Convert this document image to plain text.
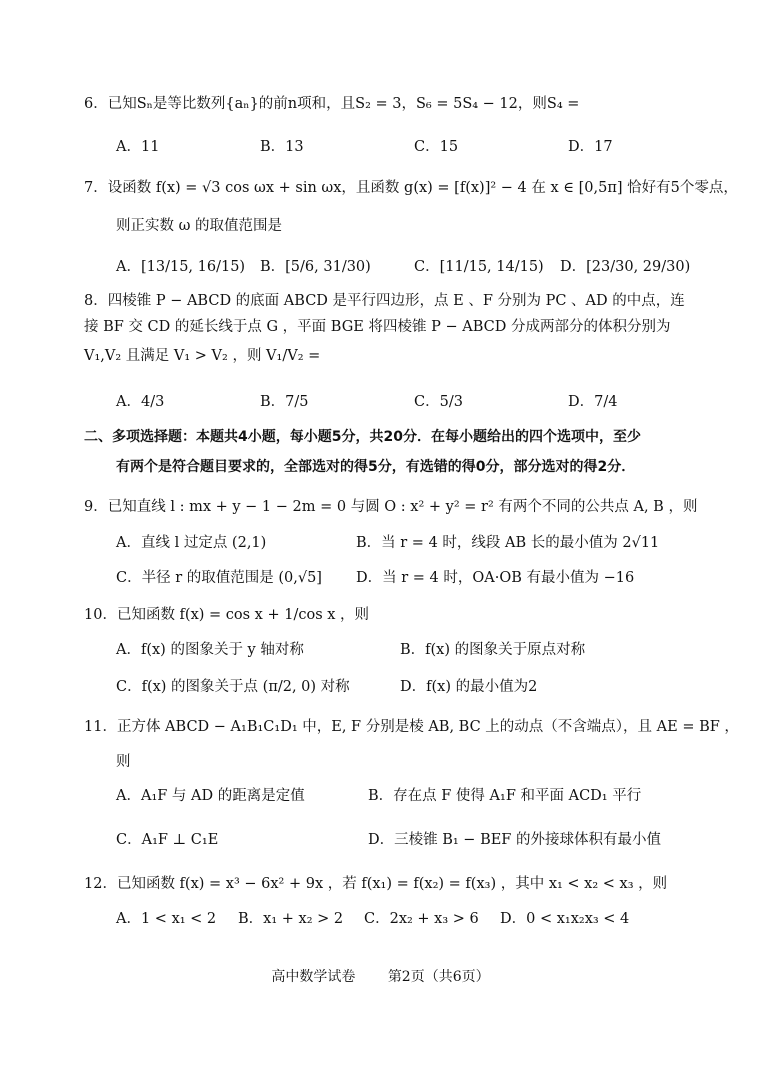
6．已知Sₙ是等比数列{aₙ}的前n项和，且S₂ = 3，S₆ = 5S₄ − 12，则S₄ =
A．11	B．13	C．15	D．17
7．设函数 f(x) = √3 cos ωx + sin ωx，且函数 g(x) = [f(x)]² − 4 在 x ∈ [0,5π] 恰好有5个零点，
则正实数 ω 的取值范围是
A．[13/15, 16/15) B．[5/6, 31/30)	C．[11/15, 14/15) D．[23/30, 29/30)
8．四棱锥 P − ABCD 的底面 ABCD 是平行四边形，点 E 、F 分别为 PC 、AD 的中点，连
接 BF 交 CD 的延长线于点 G ，平面 BGE 将四棱锥 P − ABCD 分成两部分的体积分别为
V₁,V₂ 且满足 V₁ > V₂ ，则 V₁/V₂ =
A．4/3	B．7/5	C．5/3	D．7/4
二、多项选择题：本题共4小题，每小题5分，共20分．在每小题给出的四个选项中，至少
有两个是符合题目要求的，全部选对的得5分，有选错的得0分，部分选对的得2分．
9．已知直线 l : mx + y − 1 − 2m = 0 与圆 O : x² + y² = r² 有两个不同的公共点 A, B ，则
A．直线 l 过定点 (2,1)	B．当 r = 4 时，线段 AB 长的最小值为 2√11
C．半径 r 的取值范围是 (0,√5] D．当 r = 4 时，OA·OB 有最小值为 −16
10．已知函数 f(x) = cos x + 1/cos x ，则
A．f(x) 的图象关于 y 轴对称	B．f(x) 的图象关于原点对称
C．f(x) 的图象关于点 (π/2, 0) 对称	D．f(x) 的最小值为2
11．正方体 ABCD − A₁B₁C₁D₁ 中，E, F 分别是棱 AB, BC 上的动点（不含端点），且 AE = BF ，
则
A．A₁F 与 AD 的距离是定值	B．存在点 F 使得 A₁F 和平面 ACD₁ 平行
C．A₁F ⊥ C₁E	D．三棱锥 B₁ − BEF 的外接球体积有最小值
12．已知函数 f(x) = x³ − 6x² + 9x ，若 f(x₁) = f(x₂) = f(x₃) ，其中 x₁ < x₂ < x₃ ，则
A．1 < x₁ < 2 B．x₁ + x₂ > 2 C．2x₂ + x₃ > 6 D．0 < x₁x₂x₃ < 4
高中数学试卷 第2页（共6页）
